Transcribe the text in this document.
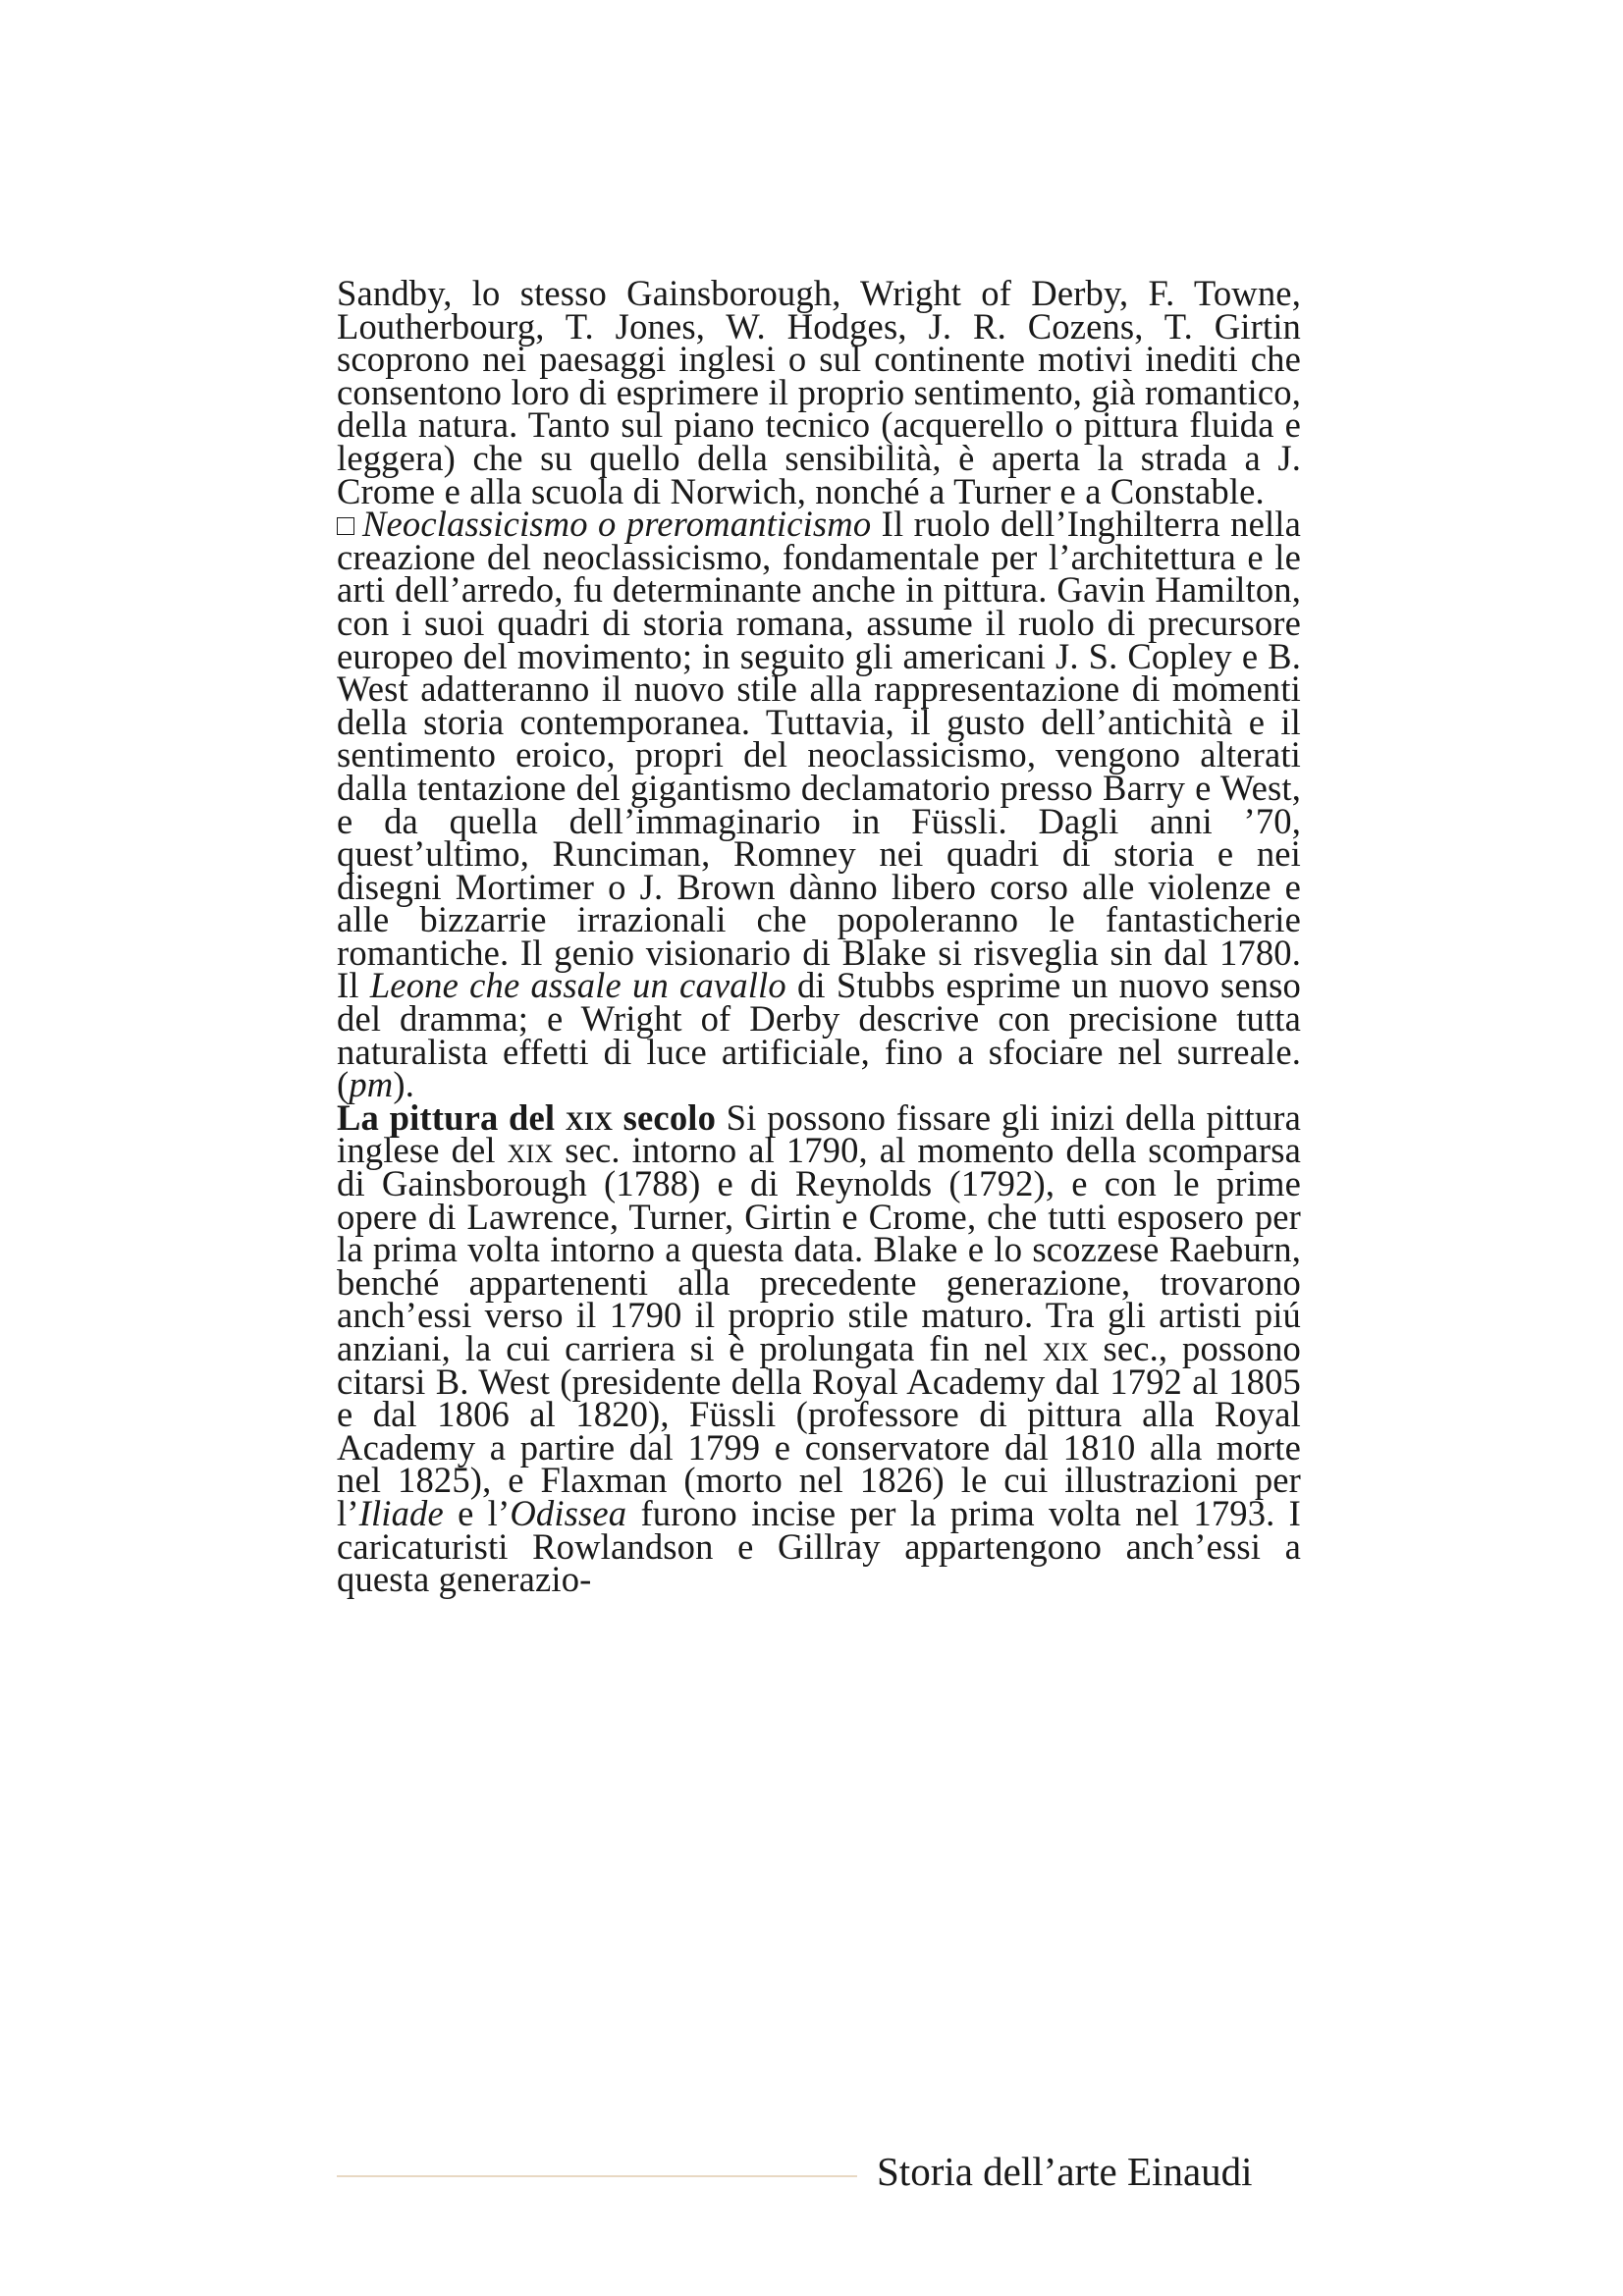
Sandby, lo stesso Gainsborough, Wright of Derby, F. Towne, Loutherbourg, T. Jones, W. Hodges, J. R. Cozens, T. Girtin scoprono nei paesaggi inglesi o sul continente motivi inediti che consentono loro di esprimere il proprio sentimento, già romantico, della natura. Tanto sul piano tecnico (acquerello o pittura fluida e leggera) che su quello della sensibilità, è aperta la strada a J. Crome e alla scuola di Norwich, nonché a Turner e a Constable.

Neoclassicismo o preromanticismo Il ruolo dell’Inghilterra nella creazione del neoclassicismo, fondamentale per l’architettura e le arti dell’arredo, fu determinante anche in pittura. Gavin Hamilton, con i suoi quadri di storia romana, assume il ruolo di precursore europeo del movimento; in seguito gli americani J. S. Copley e B. West adatteranno il nuovo stile alla rappresentazione di momenti della storia contemporanea. Tuttavia, il gusto dell’antichità e il sentimento eroico, propri del neoclassicismo, vengono alterati dalla tentazione del gigantismo declamatorio presso Barry e West, e da quella dell’immaginario in Füssli. Dagli anni ’70, quest’ultimo, Runciman, Romney nei quadri di storia e nei disegni Mortimer o J. Brown dànno libero corso alle violenze e alle bizzarrie irrazionali che popoleranno le fantasticherie romantiche. Il genio visionario di Blake si risveglia sin dal 1780. Il Leone che assale un cavallo di Stubbs esprime un nuovo senso del dramma; e Wright of Derby descrive con precisione tutta naturalista effetti di luce artificiale, fino a sfociare nel surreale. (pm).

La pittura del xix secolo Si possono fissare gli inizi della pittura inglese del xix sec. intorno al 1790, al momento della scomparsa di Gainsborough (1788) e di Reynolds (1792), e con le prime opere di Lawrence, Turner, Girtin e Crome, che tutti esposero per la prima volta intorno a questa data. Blake e lo scozzese Raeburn, benché appartenenti alla precedente generazione, trovarono anch’essi verso il 1790 il proprio stile maturo. Tra gli artisti piú anziani, la cui carriera si è prolungata fin nel xix sec., possono citarsi B. West (presidente della Royal Academy dal 1792 al 1805 e dal 1806 al 1820), Füssli (professore di pittura alla Royal Academy a partire dal 1799 e conservatore dal 1810 alla morte nel 1825), e Flaxman (morto nel 1826) le cui illustrazioni per l’Iliade e l’Odissea furono incise per la prima volta nel 1793. I caricaturisti Rowlandson e Gillray appartengono anch’essi a questa generazio-

Storia dell’arte Einaudi
